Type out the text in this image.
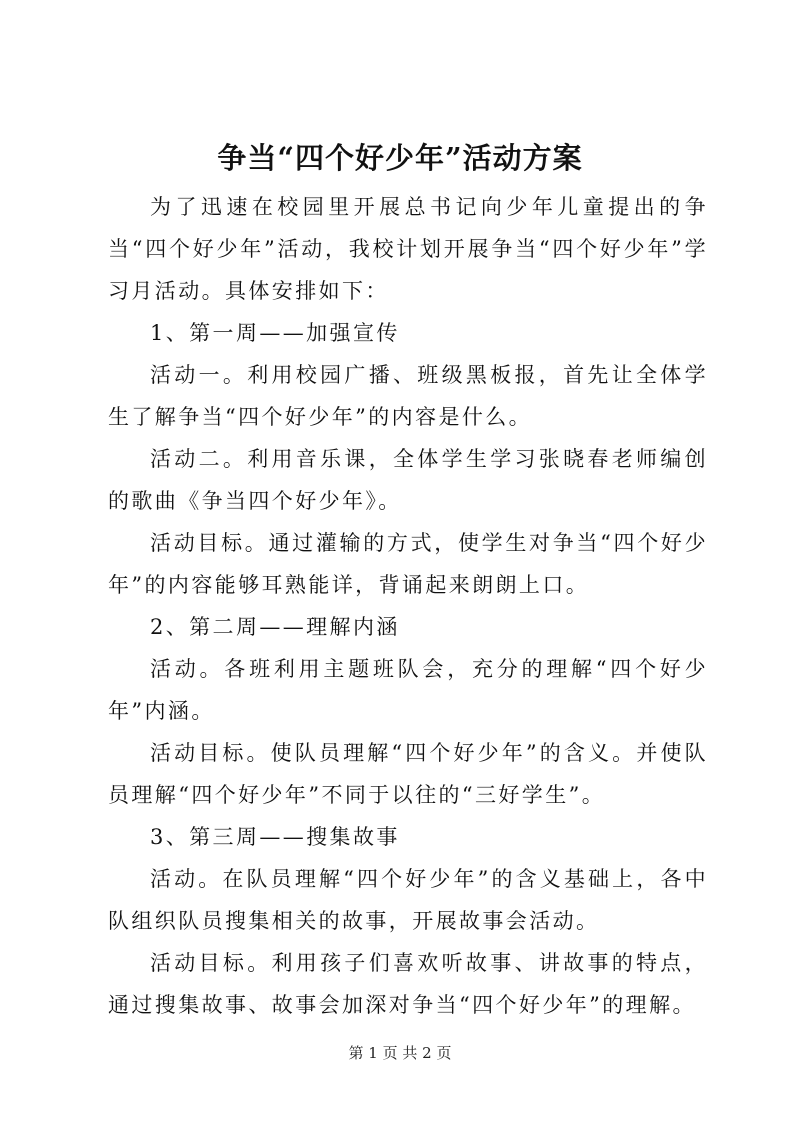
争当“四个好少年”活动方案

为了迅速在校园里开展总书记向少年儿童提出的争当“四个好少年”活动，我校计划开展争当“四个好少年”学习月活动。具体安排如下：

1、第一周——加强宣传

活动一。利用校园广播、班级黑板报，首先让全体学生了解争当“四个好少年”的内容是什么。

活动二。利用音乐课，全体学生学习张晓春老师编创的歌曲《争当四个好少年》。

活动目标。通过灌输的方式，使学生对争当“四个好少年”的内容能够耳熟能详，背诵起来朗朗上口。

2、第二周——理解内涵

活动。各班利用主题班队会，充分的理解“四个好少年”内涵。

活动目标。使队员理解“四个好少年”的含义。并使队员理解“四个好少年”不同于以往的“三好学生”。

3、第三周——搜集故事

活动。在队员理解“四个好少年”的含义基础上，各中队组织队员搜集相关的故事，开展故事会活动。

活动目标。利用孩子们喜欢听故事、讲故事的特点，通过搜集故事、故事会加深对争当“四个好少年”的理解。

第 1 页 共 2 页
